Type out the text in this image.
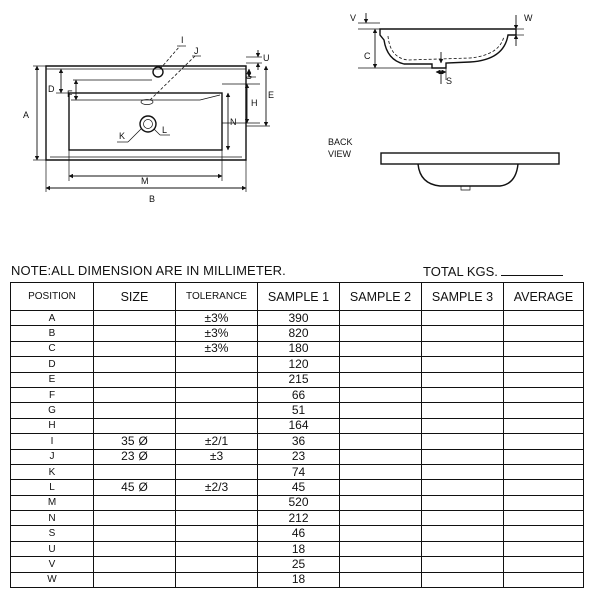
A
B
D
E
F
G
H
I
J
K
L
M
N
U	C
S
V	W
BACK
VIEW
NOTE:ALL DIMENSION ARE IN MILLIMETER.	TOTAL KGS.
POSITION	SIZE	TOLERANCE	SAMPLE 1	SAMPLE 2	SAMPLE 3	AVERAGE
A		±3%	390			
B		±3%	820			
C		±3%	180			
D			120			
E			215			
F			66			
G			51			
H			164			
I	35 Ø	±2/1	36			
J	23 Ø	±3	23			
K			74			
L	45 Ø	±2/3	45			
M			520			
N			212			
S			46			
U			18			
V			25			
W			18			
